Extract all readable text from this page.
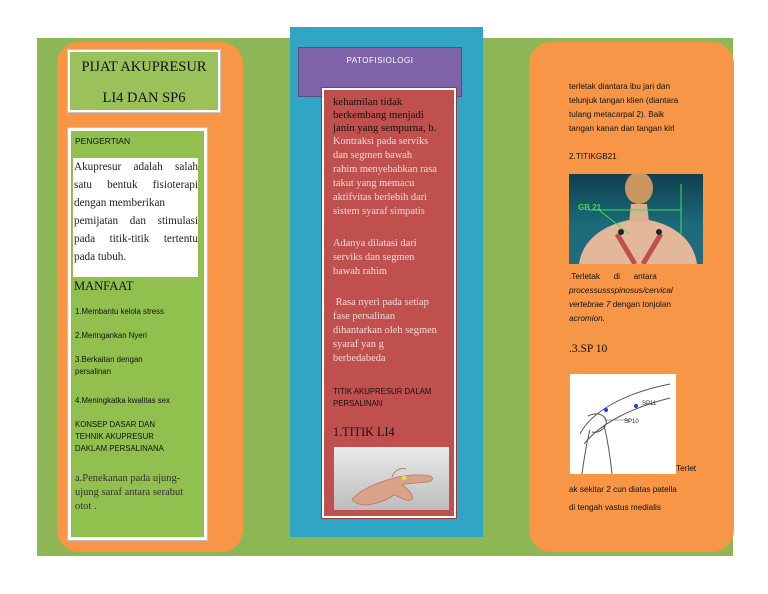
PIJAT AKUPRESUR
LI4 DAN SP6
PENGERTIAN
Akupresur adalah salah
satu bentuk fisioterapi
dengan memberikan
pemijatan dan stimulasi
pada titik-titik tertentu
pada tubuh.
MANFAAT
1.Membantu kelola stress
2.Meringankan Nyeri
3.Berkaitan dengan
persalinan
4.Meningkatka kwalitas sex
KONSEP DASAR DAN
TEHNIK AKUPRESUR
DAKLAM PERSALINANA
a.Penekanan pada ujung-
ujung saraf antara serabut
otot .
PATOFISIOLOGI
kehamilan tidak
berkembang menjadi
janin yang sempurna, b.
Kontraksi pada serviks
dan segmen bawah
rahim menyebabkan rasa
takut yang memacu
aktifvitas berlebih dari
sistem syaraf simpatis
Adanya dilatasi dari
serviks dan segmen
bawah rahim
Rasa nyeri pada setiap
fase persalinan
dihantarkan oleh segmen
syaraf yan g
berbedabeda
TITIK AKUPRESUR DALAM
PERSALINAN
1.TITIK LI4
terletak diantara ibu jari dan
telunjuk tangan klien (diantara
tulang metacarpal 2). Baik
tangan kanan dan tangan kirl
2.TITIKGB21
GB 21
.Terletak      di      antara
processussspinosus/cervical
vertebrae 7 dengan tonjolan
acromion.
.3.SP 10
SP11
SP10
Terlet
ak sekitar 2 cun diatas patella
di tengah vastus medialis
